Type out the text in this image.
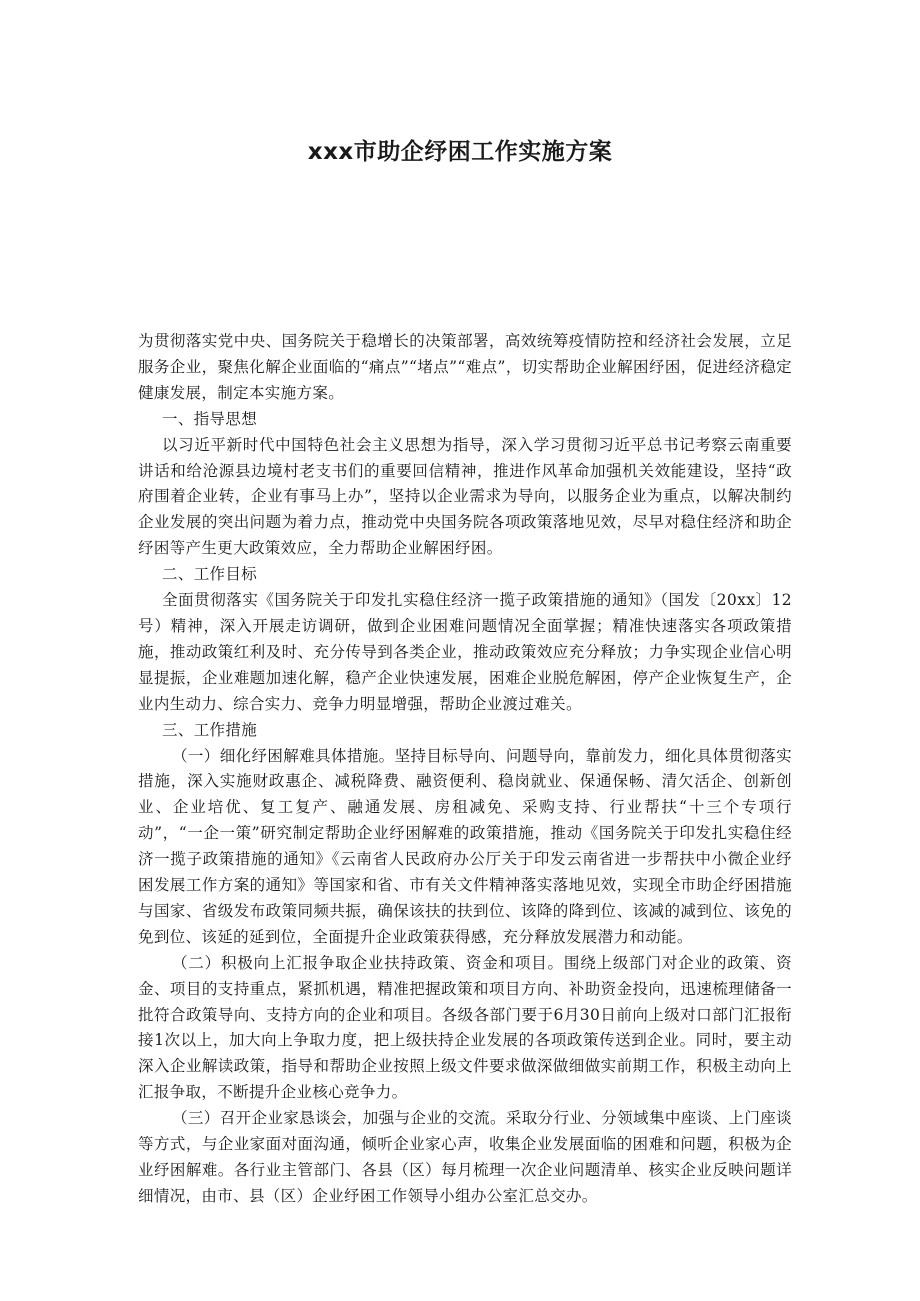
xxx市助企纾困工作实施方案

为贯彻落实党中央、国务院关于稳增长的决策部署，高效统筹疫情防控和经济社会发展，立足服务企业，聚焦化解企业面临的“痛点”“堵点”“难点”，切实帮助企业解困纾困，促进经济稳定健康发展，制定本实施方案。

一、指导思想

以习近平新时代中国特色社会主义思想为指导，深入学习贯彻习近平总书记考察云南重要讲话和给沧源县边境村老支书们的重要回信精神，推进作风革命加强机关效能建设，坚持“政府围着企业转，企业有事马上办”，坚持以企业需求为导向，以服务企业为重点，以解决制约企业发展的突出问题为着力点，推动党中央国务院各项政策落地见效，尽早对稳住经济和助企纾困等产生更大政策效应，全力帮助企业解困纾困。

二、工作目标

全面贯彻落实《国务院关于印发扎实稳住经济一揽子政策措施的通知》（国发〔20xx〕12号）精神，深入开展走访调研，做到企业困难问题情况全面掌握；精准快速落实各项政策措施，推动政策红利及时、充分传导到各类企业，推动政策效应充分释放；力争实现企业信心明显提振，企业难题加速化解，稳产企业快速发展，困难企业脱危解困，停产企业恢复生产，企业内生动力、综合实力、竞争力明显增强，帮助企业渡过难关。

三、工作措施

（一）细化纾困解难具体措施。坚持目标导向、问题导向，靠前发力，细化具体贯彻落实措施，深入实施财政惠企、减税降费、融资便利、稳岗就业、保通保畅、清欠活企、创新创业、企业培优、复工复产、融通发展、房租减免、采购支持、行业帮扶“十三个专项行动”，“一企一策”研究制定帮助企业纾困解难的政策措施，推动《国务院关于印发扎实稳住经济一揽子政策措施的通知》《云南省人民政府办公厅关于印发云南省进一步帮扶中小微企业纾困发展工作方案的通知》等国家和省、市有关文件精神落实落地见效，实现全市助企纾困措施与国家、省级发布政策同频共振，确保该扶的扶到位、该降的降到位、该减的减到位、该免的免到位、该延的延到位，全面提升企业政策获得感，充分释放发展潜力和动能。

（二）积极向上汇报争取企业扶持政策、资金和项目。围绕上级部门对企业的政策、资金、项目的支持重点，紧抓机遇，精准把握政策和项目方向、补助资金投向，迅速梳理储备一批符合政策导向、支持方向的企业和项目。各级各部门要于6月30日前向上级对口部门汇报衔接1次以上，加大向上争取力度，把上级扶持企业发展的各项政策传送到企业。同时，要主动深入企业解读政策，指导和帮助企业按照上级文件要求做深做细做实前期工作，积极主动向上汇报争取，不断提升企业核心竞争力。

（三）召开企业家恳谈会，加强与企业的交流。采取分行业、分领域集中座谈、上门座谈等方式，与企业家面对面沟通，倾听企业家心声，收集企业发展面临的困难和问题，积极为企业纾困解难。各行业主管部门、各县（区）每月梳理一次企业问题清单、核实企业反映问题详细情况，由市、县（区）企业纾困工作领导小组办公室汇总交办。
